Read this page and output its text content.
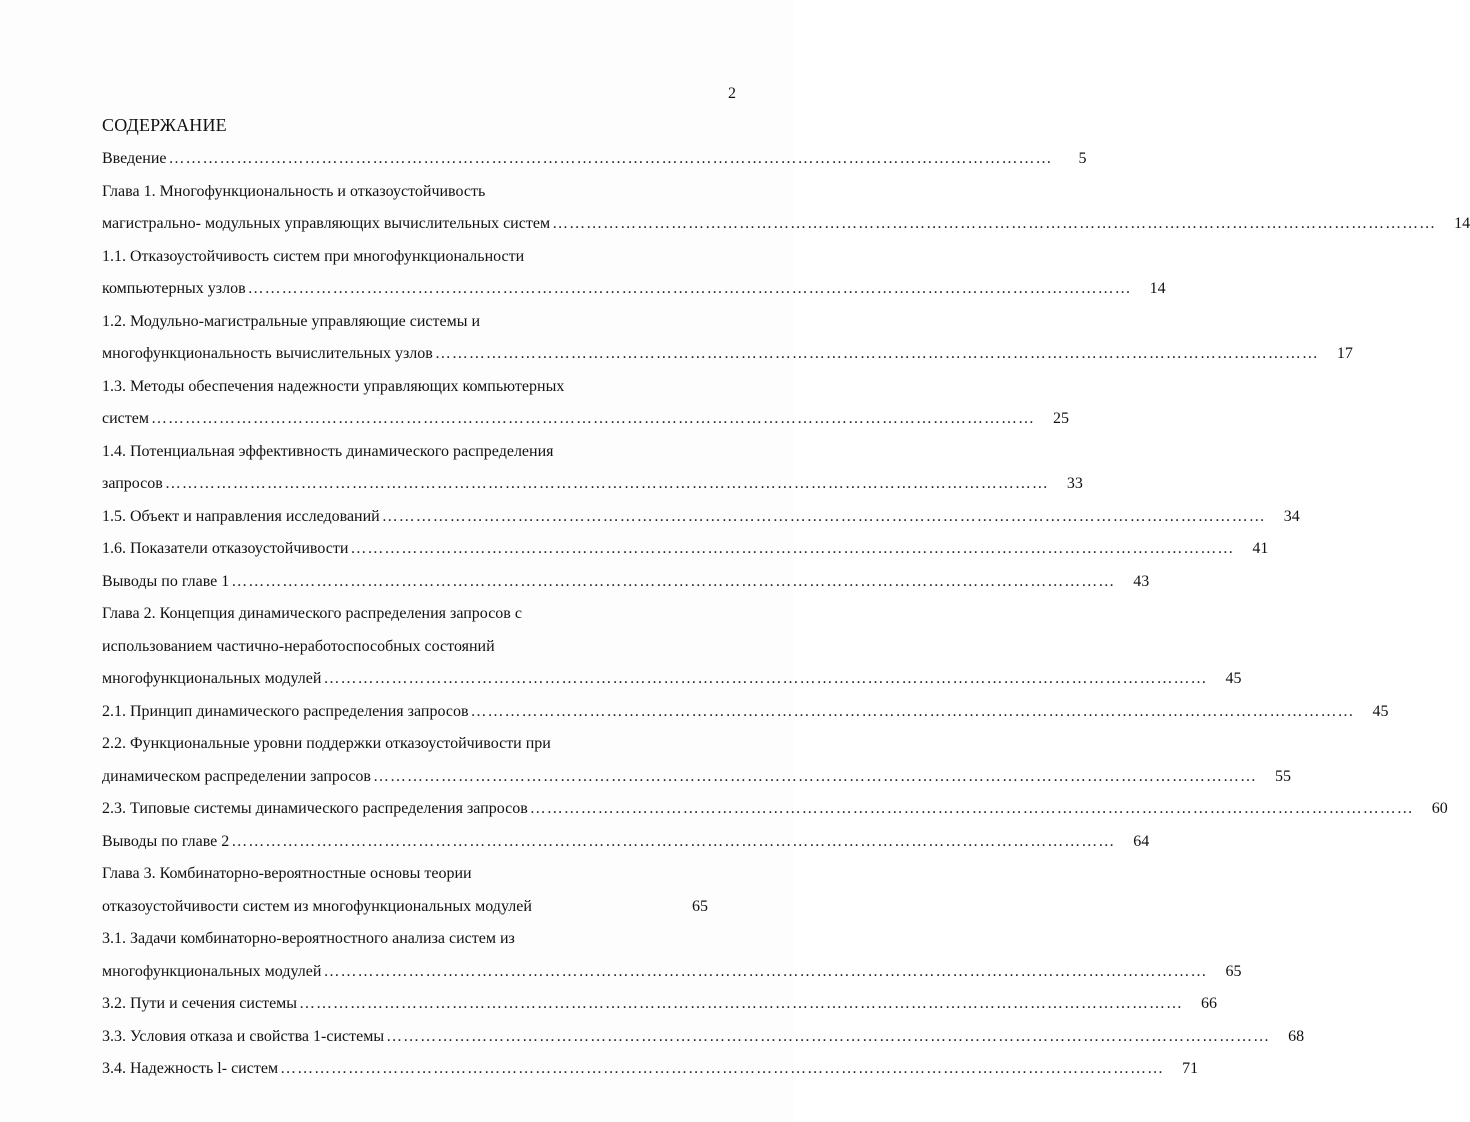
2
СОДЕРЖАНИЕ
Введение …………………………………………………………………………………………………………………………………………	5
Глава 1. Многофункциональность и отказоустойчивость
магистрально- модульных управляющих вычислительных систем …………………………………………………………………………………………………………………………………………	14
1.1. Отказоустойчивость систем при многофункциональности
компьютерных узлов …………………………………………………………………………………………………………………………………………	14
1.2. Модульно-магистральные управляющие системы и
многофункциональность вычислительных узлов …………………………………………………………………………………………………………………………………………	17
1.3. Методы обеспечения надежности управляющих компьютерных
систем …………………………………………………………………………………………………………………………………………	25
1.4. Потенциальная эффективность динамического распределения
запросов …………………………………………………………………………………………………………………………………………	33
1.5. Объект и направления исследований …………………………………………………………………………………………………………………………………………	34
1.6. Показатели отказоустойчивости …………………………………………………………………………………………………………………………………………	41
Выводы по главе 1 …………………………………………………………………………………………………………………………………………	43
Глава 2. Концепция динамического распределения запросов с
использованием частично-неработоспособных состояний
многофункциональных модулей …………………………………………………………………………………………………………………………………………	45
2.1. Принцип динамического распределения запросов …………………………………………………………………………………………………………………………………………	45
2.2. Функциональные уровни поддержки отказоустойчивости при
динамическом распределении запросов …………………………………………………………………………………………………………………………………………	55
2.3. Типовые системы динамического распределения запросов …………………………………………………………………………………………………………………………………………	60
Выводы по главе 2 …………………………………………………………………………………………………………………………………………	64
Глава 3. Комбинаторно-вероятностные основы теории
отказоустойчивости систем из многофункциональных модулей	65
3.1. Задачи комбинаторно-вероятностного анализа систем из
многофункциональных модулей …………………………………………………………………………………………………………………………………………	65
3.2. Пути и сечения системы …………………………………………………………………………………………………………………………………………	66
3.3. Условия отказа и свойства 1-системы …………………………………………………………………………………………………………………………………………	68
3.4. Надежность l- систем …………………………………………………………………………………………………………………………………………	71
